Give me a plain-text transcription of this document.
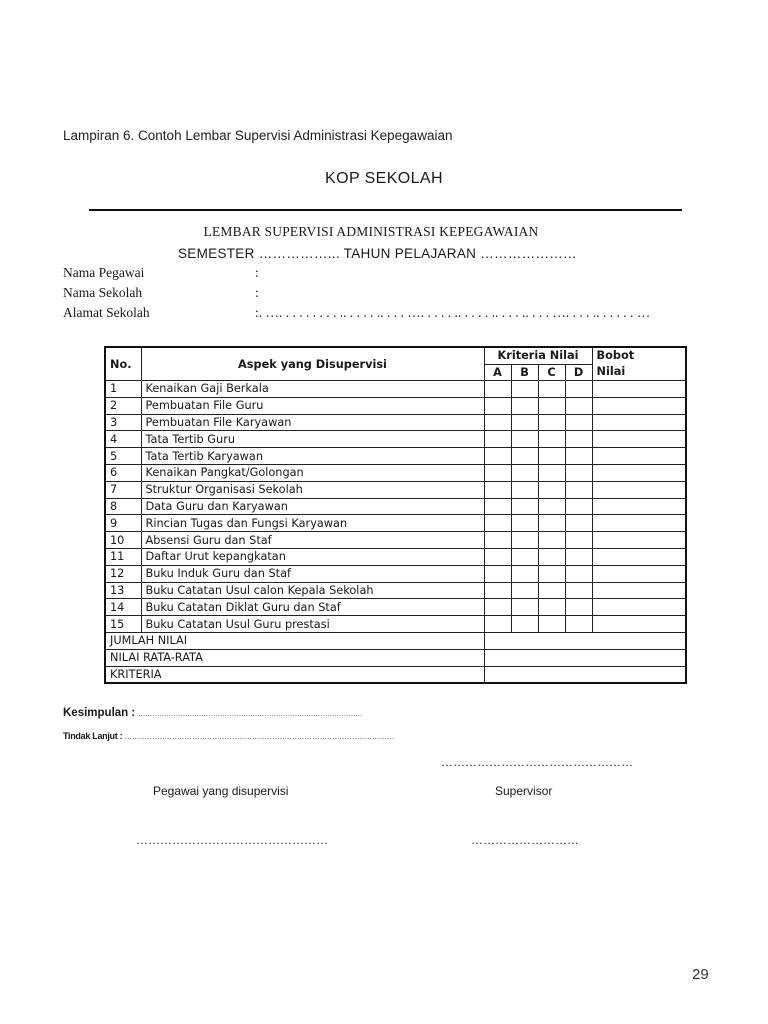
Lampiran 6. Contoh Lembar Supervisi Administrasi Kepegawaian
KOP SEKOLAH
LEMBAR SUPERVISI ADMINISTRASI KEPEGAWAIAN
SEMESTER ……………... TAHUN PELAJARAN …………………
Nama Pegawai	:
Nama Sekolah	:
Alamat Sekolah	:. …. . . . . . . . . .. . . . . .. . . . …. . . . . .. . . . . .. . . . .. . . . …. . . . .. . . . . . …
No.	Aspek yang Disupervisi	Kriteria Nilai				Bobot
Nilai

		A	B	C	D	
1	Kenaikan Gaji Berkala					
2	Pembuatan File Guru					
3	Pembuatan File Karyawan					
4	Tata Tertib Guru					
5	Tata Tertib Karyawan					
6	Kenaikan Pangkat/Golongan					
7	Struktur Organisasi Sekolah					
8	Data Guru dan Karyawan					
9	Rincian Tugas dan Fungsi Karyawan					
10	Absensi Guru dan Staf					
11	Daftar Urut kepangkatan					
12	Buku Induk Guru dan Staf					
13	Buku Catatan Usul calon Kepala Sekolah					
14	Buku Catatan Diklat Guru dan Staf					
15	Buku Catatan Usul Guru prestasi					
JUMLAH NILAI						
NILAI RATA-RATA						
KRITERIA						
Kesimpulan : ……………………………………………………………………………………
Tindak Lanjut : ………………………………………………………………………………………………
…………………………………………
Pegawai yang disupervisi	Supervisor
…………………………………………	………………………
29
